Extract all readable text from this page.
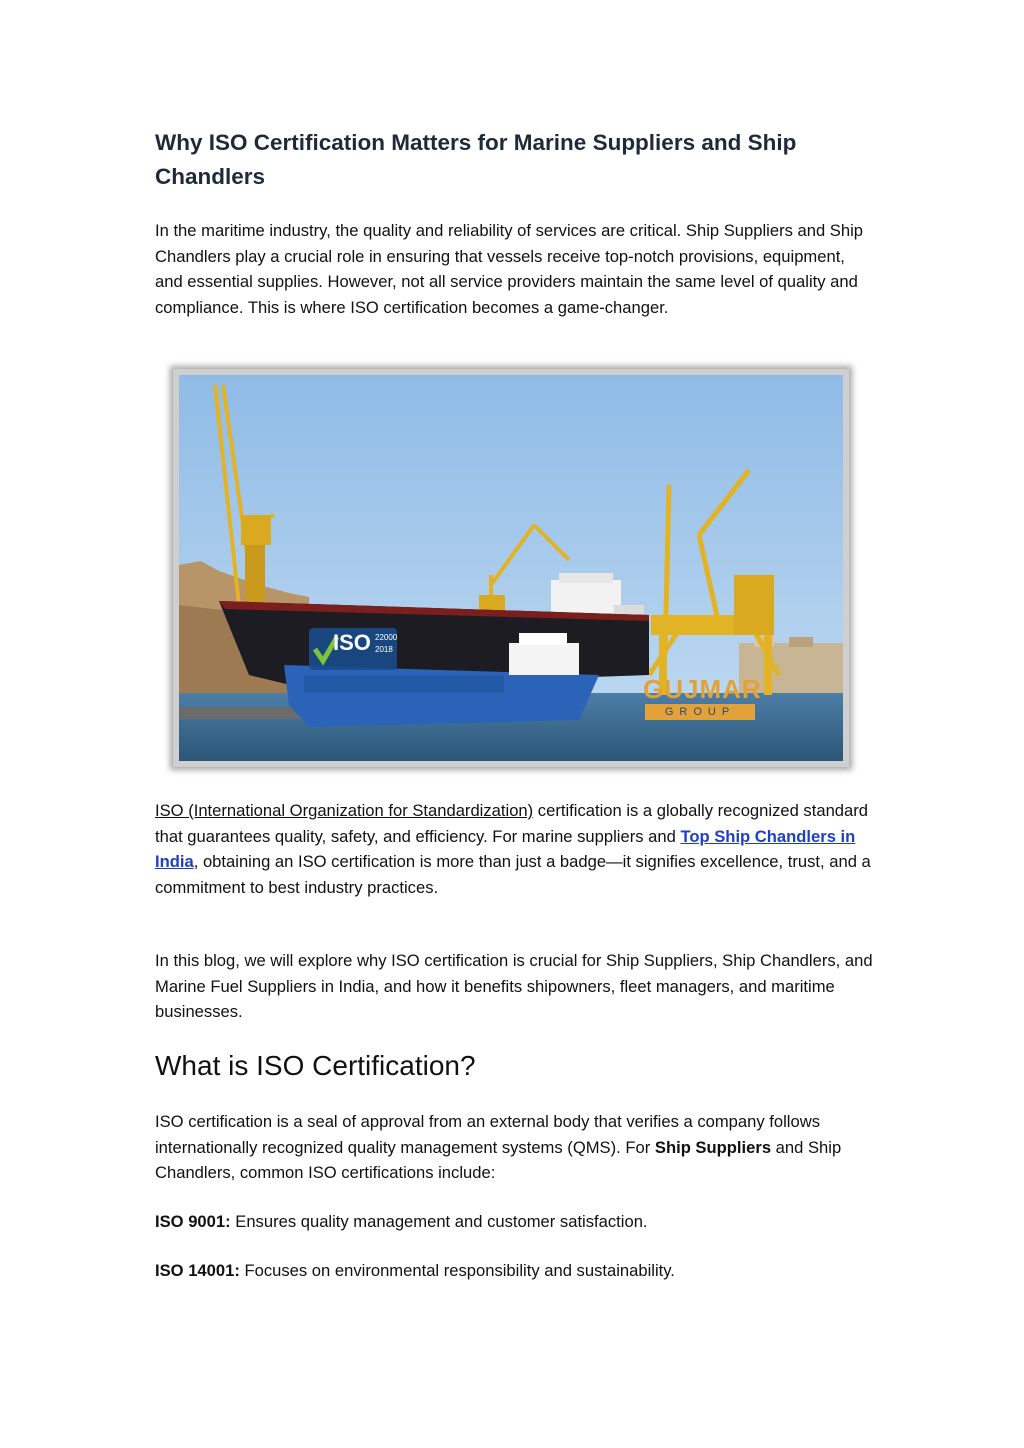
Why ISO Certification Matters for Marine Suppliers and Ship Chandlers
In the maritime industry, the quality and reliability of services are critical. Ship Suppliers and Ship Chandlers play a crucial role in ensuring that vessels receive top-notch provisions, equipment, and essential supplies. However, not all service providers maintain the same level of quality and compliance. This is where ISO certification becomes a game-changer.
ISO 22000
2018
GUJMAR
GROUP
ISO (International Organization for Standardization) certification is a globally recognized standard that guarantees quality, safety, and efficiency. For marine suppliers and Top Ship Chandlers in India, obtaining an ISO certification is more than just a badge—it signifies excellence, trust, and a commitment to best industry practices.
In this blog, we will explore why ISO certification is crucial for Ship Suppliers, Ship Chandlers, and Marine Fuel Suppliers in India, and how it benefits shipowners, fleet managers, and maritime businesses.
What is ISO Certification?
ISO certification is a seal of approval from an external body that verifies a company follows internationally recognized quality management systems (QMS). For Ship Suppliers and Ship Chandlers, common ISO certifications include:
ISO 9001: Ensures quality management and customer satisfaction.
ISO 14001: Focuses on environmental responsibility and sustainability.
